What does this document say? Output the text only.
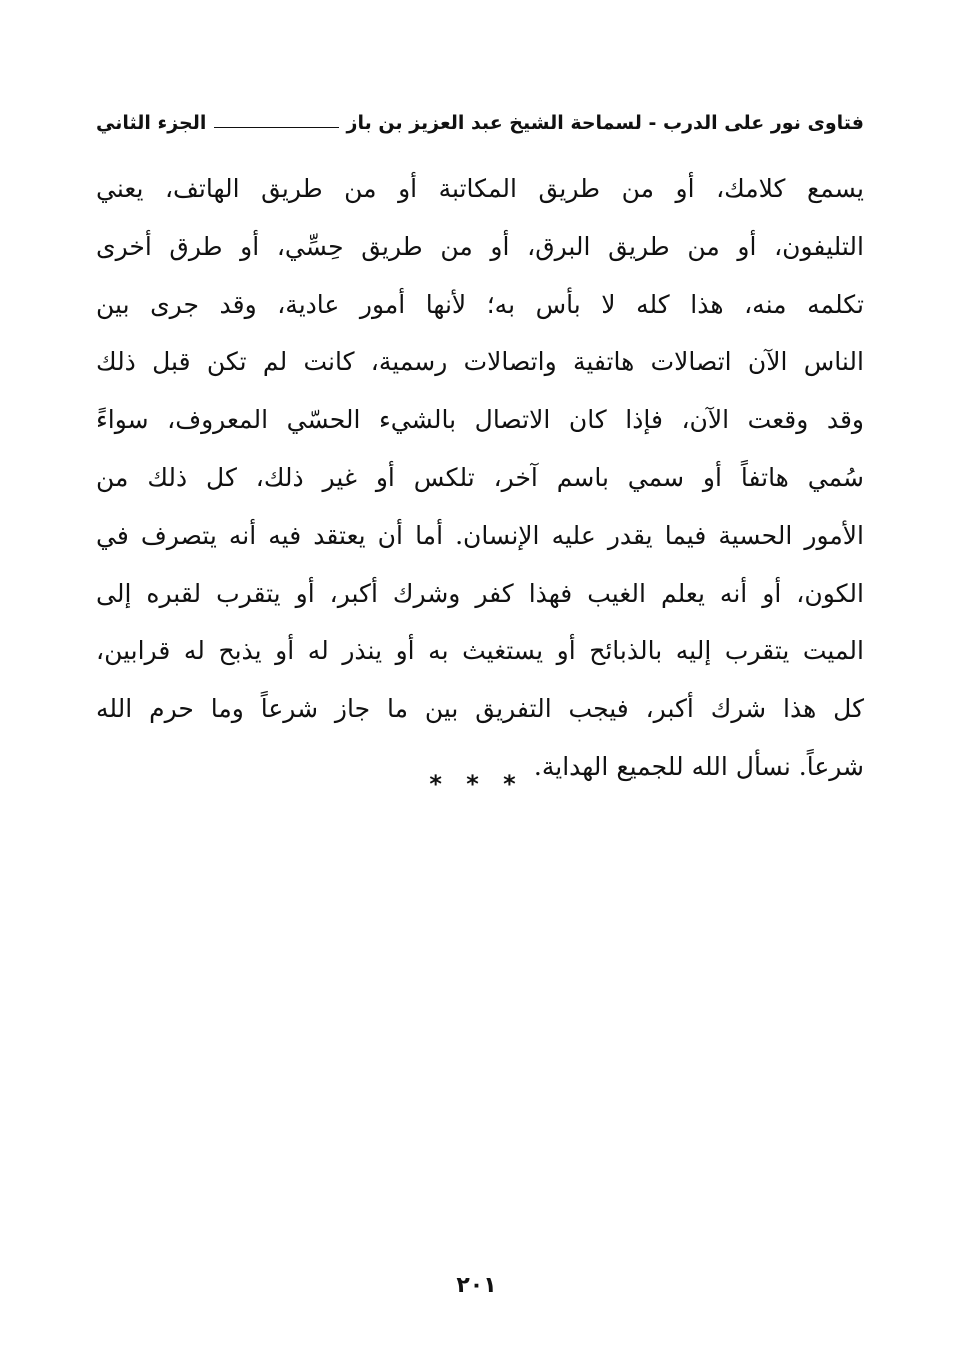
فتاوى نور على الدرب - لسماحة الشيخ عبد العزيز بن باز
الجزء الثاني
يسمع كلامك، أو من طريق المكاتبة أو من طريق الهاتف، يعني
التليفون، أو من طريق البرق، أو من طريق حِسِّي، أو طرق أخرى
تكلمه منه، هذا كله لا بأس به؛ لأنها أمور عادية، وقد جرى بين
الناس الآن اتصالات هاتفية واتصالات رسمية، كانت لم تكن قبل ذلك
وقد وقعت الآن، فإذا كان الاتصال بالشيء الحسّي المعروف، سواءً
سُمي هاتفاً أو سمي باسم آخر، تلكس أو غير ذلك، كل ذلك من
الأمور الحسية فيما يقدر عليه الإنسان. أما أن يعتقد فيه أنه يتصرف في
الكون، أو أنه يعلم الغيب فهذا كفر وشرك أكبر، أو يتقرب لقبره إلى
الميت يتقرب إليه بالذبائح أو يستغيث به أو ينذر له أو يذبح له قرابين،
كل هذا شرك أكبر، فيجب التفريق بين ما جاز شرعاً وما حرم الله
شرعاً. نسأل الله للجميع الهداية.
* * *
٢٠١
